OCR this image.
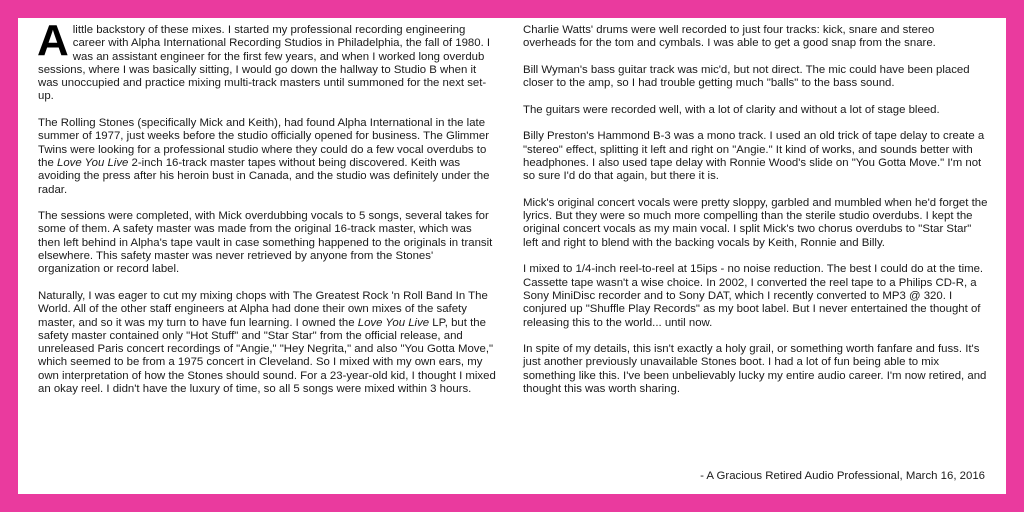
A little backstory of these mixes. I started my professional recording engineering career with Alpha International Recording Studios in Philadelphia, the fall of 1980. I was an assistant engineer for the first few years, and when I worked long overdub sessions, where I was basically sitting, I would go down the hallway to Studio B when it was unoccupied and practice mixing multi-track masters until summoned for the next set-up.

The Rolling Stones (specifically Mick and Keith), had found Alpha International in the late summer of 1977, just weeks before the studio officially opened for business. The Glimmer Twins were looking for a professional studio where they could do a few vocal overdubs to the Love You Live 2-inch 16-track master tapes without being discovered. Keith was avoiding the press after his heroin bust in Canada, and the studio was definitely under the radar.

The sessions were completed, with Mick overdubbing vocals to 5 songs, several takes for some of them. A safety master was made from the original 16-track master, which was then left behind in Alpha's tape vault in case something happened to the originals in transit elsewhere. This safety master was never retrieved by anyone from the Stones' organization or record label.

Naturally, I was eager to cut my mixing chops with The Greatest Rock 'n Roll Band In The World. All of the other staff engineers at Alpha had done their own mixes of the safety master, and so it was my turn to have fun learning. I owned the Love You Live LP, but the safety master contained only "Hot Stuff" and "Star Star" from the official release, and unreleased Paris concert recordings of "Angie," "Hey Negrita," and also "You Gotta Move," which seemed to be from a 1975 concert in Cleveland. So I mixed with my own ears, my own interpretation of how the Stones should sound. For a 23-year-old kid, I thought I mixed an okay reel. I didn't have the luxury of time, so all 5 songs were mixed within 3 hours.

Charlie Watts' drums were well recorded to just four tracks: kick, snare and stereo overheads for the tom and cymbals. I was able to get a good snap from the snare.

Bill Wyman's bass guitar track was mic'd, but not direct. The mic could have been placed closer to the amp, so I had trouble getting much "balls" to the bass sound.

The guitars were recorded well, with a lot of clarity and without a lot of stage bleed.

Billy Preston's Hammond B-3 was a mono track. I used an old trick of tape delay to create a "stereo" effect, splitting it left and right on "Angie." It kind of works, and sounds better with headphones. I also used tape delay with Ronnie Wood's slide on "You Gotta Move." I'm not so sure I'd do that again, but there it is.

Mick's original concert vocals were pretty sloppy, garbled and mumbled when he'd forget the lyrics. But they were so much more compelling than the sterile studio overdubs. I kept the original concert vocals as my main vocal. I split Mick's two chorus overdubs to "Star Star" left and right to blend with the backing vocals by Keith, Ronnie and Billy.

I mixed to 1/4-inch reel-to-reel at 15ips - no noise reduction. The best I could do at the time. Cassette tape wasn't a wise choice. In 2002, I converted the reel tape to a Philips CD-R, a Sony MiniDisc recorder and to Sony DAT, which I recently converted to MP3 @ 320. I conjured up "Shuffle Play Records" as my boot label. But I never entertained the thought of releasing this to the world... until now.

In spite of my details, this isn't exactly a holy grail, or something worth fanfare and fuss. It's just another previously unavailable Stones boot. I had a lot of fun being able to mix something like this. I've been unbelievably lucky my entire audio career. I'm now retired, and thought this was worth sharing.

- A Gracious Retired Audio Professional, March 16, 2016
